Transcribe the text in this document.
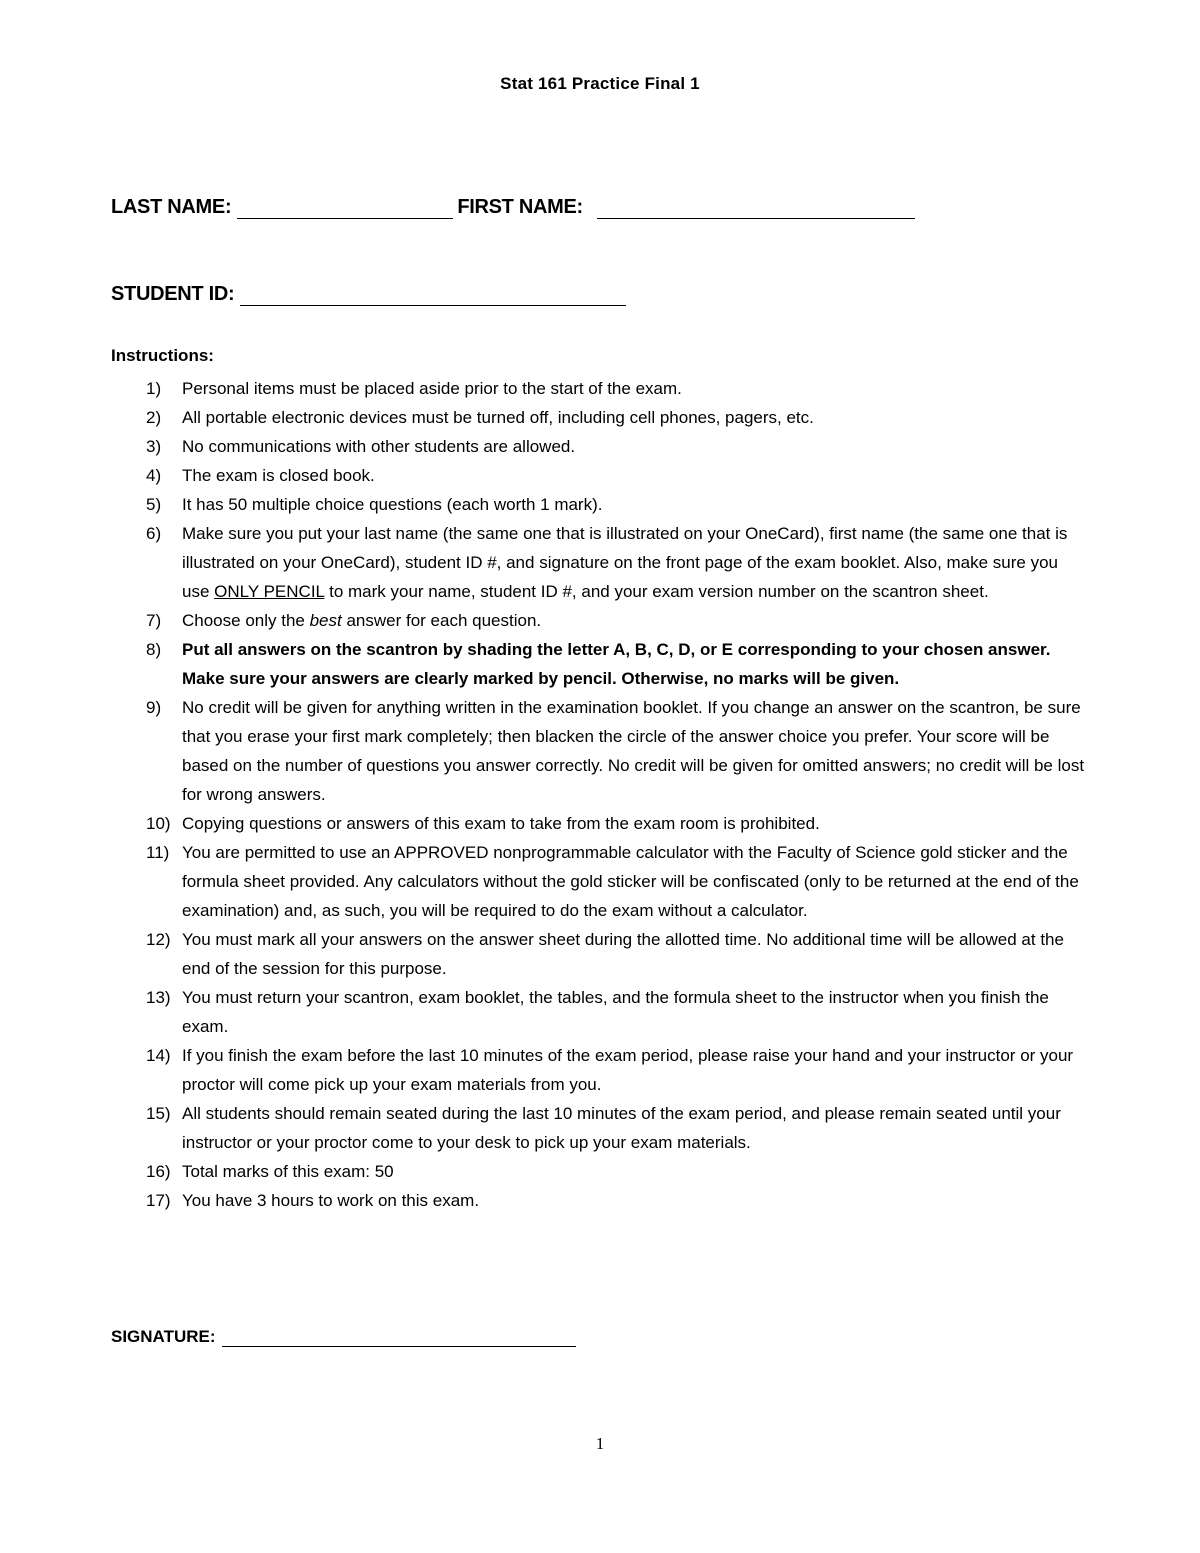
Stat 161 Practice Final 1
LAST NAME:	FIRST NAME:
STUDENT ID:
Instructions:
1)	Personal items must be placed aside prior to the start of the exam.
2)	All portable electronic devices must be turned off, including cell phones, pagers, etc.
3)	No communications with other students are allowed.
4)	The exam is closed book.
5)	It has 50 multiple choice questions (each worth 1 mark).
6)	Make sure you put your last name (the same one that is illustrated on your OneCard), first name (the same one that is illustrated on your OneCard), student ID #, and signature on the front page of the exam booklet. Also, make sure you use ONLY PENCIL to mark your name, student ID #, and your exam version number on the scantron sheet.
7)	Choose only the best answer for each question.
8)	Put all answers on the scantron by shading the letter A, B, C, D, or E corresponding to your chosen answer. Make sure your answers are clearly marked by pencil. Otherwise, no marks will be given.
9)	No credit will be given for anything written in the examination booklet. If you change an answer on the scantron, be sure that you erase your first mark completely; then blacken the circle of the answer choice you prefer. Your score will be based on the number of questions you answer correctly. No credit will be given for omitted answers; no credit will be lost for wrong answers.
10) Copying questions or answers of this exam to take from the exam room is prohibited.
11) You are permitted to use an APPROVED nonprogrammable calculator with the Faculty of Science gold sticker and the formula sheet provided. Any calculators without the gold sticker will be confiscated (only to be returned at the end of the examination) and, as such, you will be required to do the exam without a calculator.
12) You must mark all your answers on the answer sheet during the allotted time. No additional time will be allowed at the end of the session for this purpose.
13) You must return your scantron, exam booklet, the tables, and the formula sheet to the instructor when you finish the exam.
14) If you finish the exam before the last 10 minutes of the exam period, please raise your hand and your instructor or your proctor will come pick up your exam materials from you.
15) All students should remain seated during the last 10 minutes of the exam period, and please remain seated until your instructor or your proctor come to your desk to pick up your exam materials.
16) Total marks of this exam: 50
17) You have 3 hours to work on this exam.
SIGNATURE:
1
